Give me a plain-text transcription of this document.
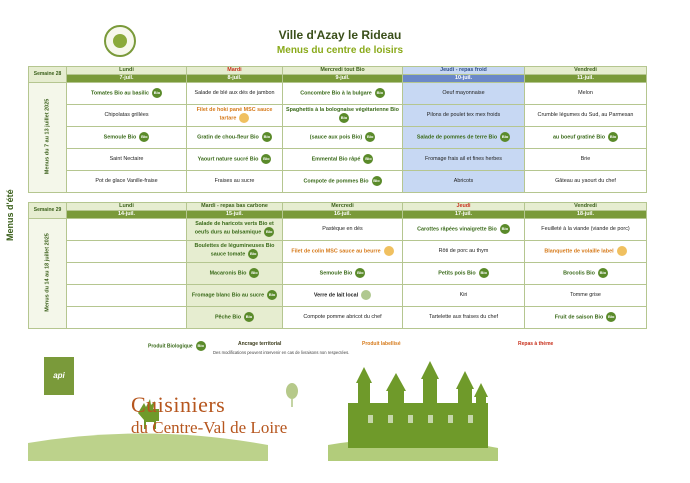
Ville d'Azay le Rideau
Menus du centre de loisirs
Menus d'été
Semaine 28	Lundi	Mardi	Mercredi tout Bio	Jeudi - repas froid	Vendredi
	7-juil.	8-juil.	9-juil.	10-juil.	11-juil.

Menus du 7 au 13 juillet 2025	Tomates Bio au basilic Bio	Salade de blé aux dés de jambon	Concombre Bio à la bulgare Bio	Oeuf mayonnaise	Melon
	Chipolatas grillées	Filet de hoki pané MSC sauce tartare	Spaghettis à la bolognaise végétarienne BioBio	Pilons de poulet tex mex froids	Crumble légumes du Sud, au Parmesan
	Semoule Bio Bio	Gratin de chou-fleur Bio Bio	(sauce aux pois Bio) Bio	Salade de pommes de terre Bio Bio	au boeuf gratiné Bio Bio
	Saint Nectaire	Yaourt nature sucré Bio Bio	Emmental Bio râpé Bio	Fromage frais ail et fines herbes	Brie
	Pot de glace Vanille-fraise	Fraises au sucre	Compote de pommes Bio Bio	Abricots	Gâteau au yaourt du chef
Semaine 29	Lundi	Mardi - repas bas carbone	Mercredi	Jeudi	Vendredi
	14-juil.	15-juil.	16-juil.	17-juil.	18-juil.

Menus du 14 au 18 juillet 2025		Salade de haricots verts Bio et oeufs durs au balsamique Bio	Pastèque en dés	Carottes râpées vinaigrette Bio Bio	Feuilleté à la viande (viande de porc)
		Boulettes de légumineuses Bio sauce tomate Bio	Filet de colin MSC sauce au beurre	Rôti de porc au thym	Blanquette de volaille label
		Macaronis Bio Bio	Semoule Bio Bio	Petits pois Bio Bio	Brocolis Bio Bio
		Fromage blanc Bio au sucre Bio	Verre de lait local	Kiri	Tomme grise
		Pêche Bio Bio	Compote pomme abricot du chef	Tartelette aux fraises du chef	Fruit de saison Bio Bio
Produit Biologique Bio	Ancrage territorial	Produit labellisé	Repas à thème
Des modifications peuvent intervenir en cas de livraisons non respectées.
api
Cuisiniers
du Centre-Val de Loire
